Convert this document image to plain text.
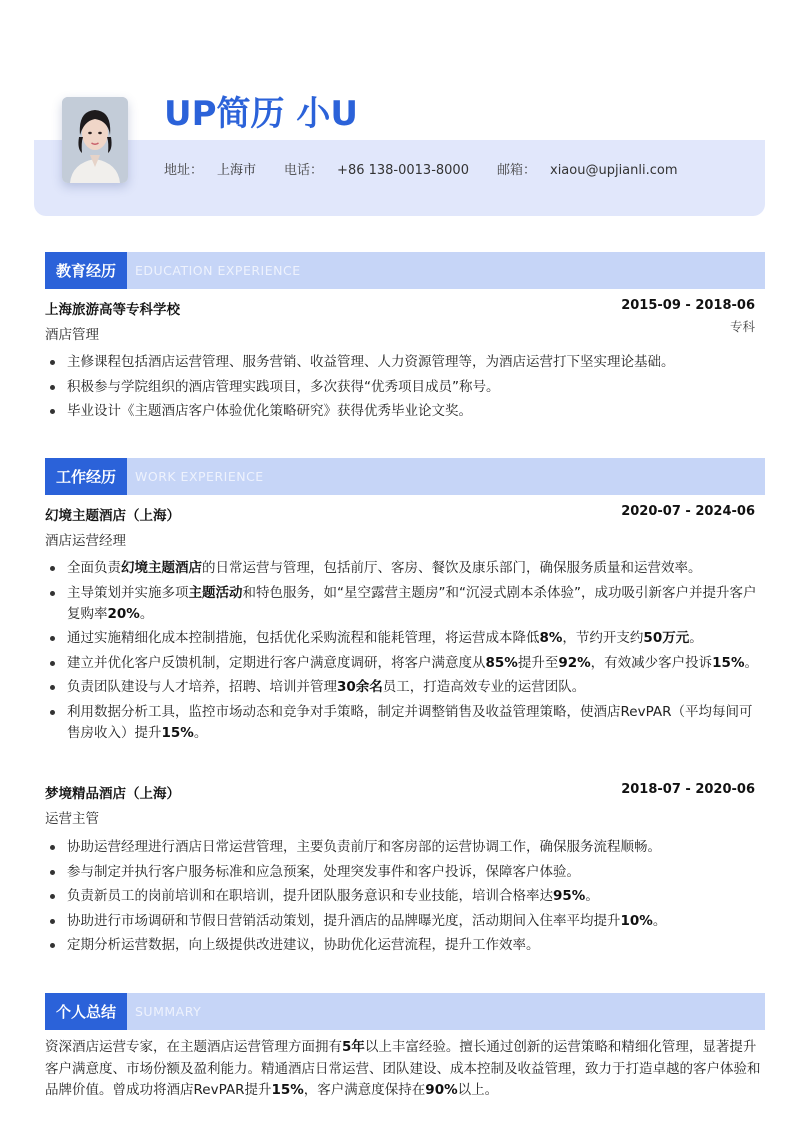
UP简历 小U
地址： 上海市 电话： +86 138-0013-8000 邮箱： xiaou@upjianli.com
教育经历	EDUCATION EXPERIENCE
上海旅游高等专科学校	2015-09 - 2018-06
酒店管理
专科
主修课程包括酒店运营管理、服务营销、收益管理、人力资源管理等，为酒店运营打下坚实理论基础。
积极参与学院组织的酒店管理实践项目，多次获得“优秀项目成员”称号。
毕业设计《主题酒店客户体验优化策略研究》获得优秀毕业论文奖。
工作经历	WORK EXPERIENCE
幻境主题酒店（上海）	2020-07 - 2024-06
酒店运营经理
全面负责幻境主题酒店的日常运营与管理，包括前厅、客房、餐饮及康乐部门，确保服务质量和运营效率。
主导策划并实施多项主题活动和特色服务，如“星空露营主题房”和“沉浸式剧本杀体验”，成功吸引新客户并提升客户复购率20%。
通过实施精细化成本控制措施，包括优化采购流程和能耗管理，将运营成本降低8%，节约开支约50万元。
建立并优化客户反馈机制，定期进行客户满意度调研，将客户满意度从85%提升至92%，有效减少客户投诉15%。
负责团队建设与人才培养，招聘、培训并管理30余名员工，打造高效专业的运营团队。
利用数据分析工具，监控市场动态和竞争对手策略，制定并调整销售及收益管理策略，使酒店RevPAR（平均每间可售房收入）提升15%。
梦境精品酒店（上海）	2018-07 - 2020-06
运营主管
协助运营经理进行酒店日常运营管理，主要负责前厅和客房部的运营协调工作，确保服务流程顺畅。
参与制定并执行客户服务标准和应急预案，处理突发事件和客户投诉，保障客户体验。
负责新员工的岗前培训和在职培训，提升团队服务意识和专业技能，培训合格率达95%。
协助进行市场调研和节假日营销活动策划，提升酒店的品牌曝光度，活动期间入住率平均提升10%。
定期分析运营数据，向上级提供改进建议，协助优化运营流程，提升工作效率。
个人总结	SUMMARY
资深酒店运营专家，在主题酒店运营管理方面拥有5年以上丰富经验。擅长通过创新的运营策略和精细化管理，显著提升客户满意度、市场份额及盈利能力。精通酒店日常运营、团队建设、成本控制及收益管理，致力于打造卓越的客户体验和品牌价值。曾成功将酒店RevPAR提升15%，客户满意度保持在90%以上。
